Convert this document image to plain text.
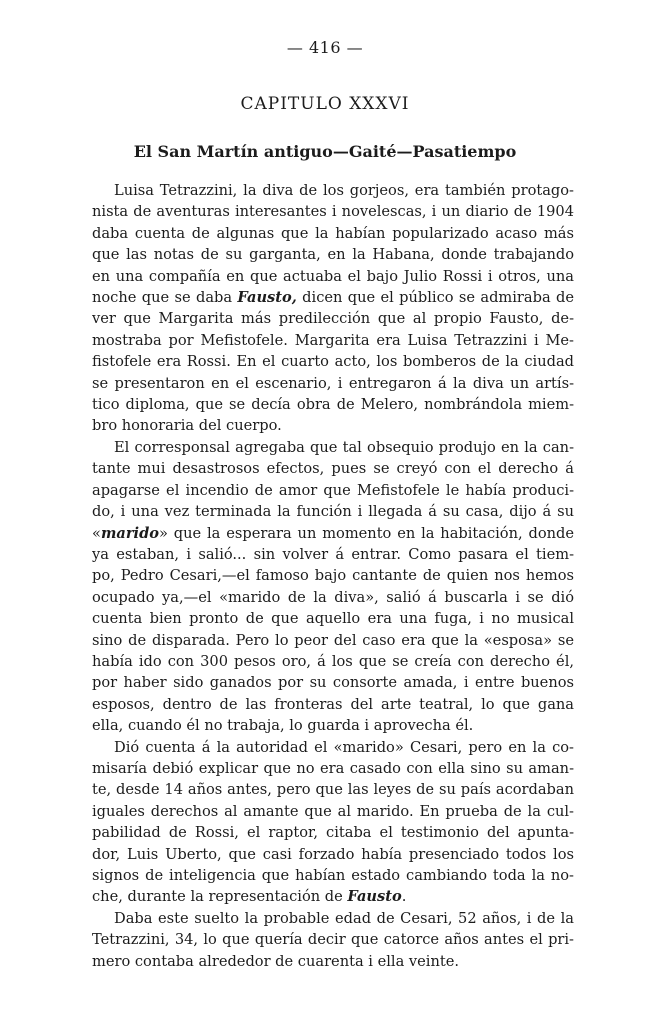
— 416 —
CAPITULO XXXVI
El San Martín antiguo—Gaité—Pasatiempo
Luisa Tetrazzini, la diva de los gorjeos, era también protago-
nista de aventuras interesantes i novelescas, i un diario de 1904
daba cuenta de algunas que la habían popularizado acaso más
que las notas de su garganta, en la Habana, donde trabajando
en una compañía en que actuaba el bajo Julio Rossi i otros, una
noche que se daba Fausto, dicen que el público se admiraba de
ver que Margarita más predilección que al propio Fausto, de-
mostraba por Mefistofele. Margarita era Luisa Tetrazzini i Me-
fistofele era Rossi. En el cuarto acto, los bomberos de la ciudad
se presentaron en el escenario, i entregaron á la diva un artís-
tico diploma, que se decía obra de Melero, nombrándola miem-
bro honoraria del cuerpo.
El corresponsal agregaba que tal obsequio produjo en la can-
tante mui desastrosos efectos, pues se creyó con el derecho á
apagarse el incendio de amor que Mefistofele le había produci-
do, i una vez terminada la función i llegada á su casa, dijo á su
«marido» que la esperara un momento en la habitación, donde
ya estaban, i salió... sin volver á entrar. Como pasara el tiem-
po, Pedro Cesari,—el famoso bajo cantante de quien nos hemos
ocupado ya,—el «marido de la diva», salió á buscarla i se dió
cuenta bien pronto de que aquello era una fuga, i no musical
sino de disparada. Pero lo peor del caso era que la «esposa» se
había ido con 300 pesos oro, á los que se creía con derecho él,
por haber sido ganados por su consorte amada, i entre buenos
esposos, dentro de las fronteras del arte teatral, lo que gana
ella, cuando él no trabaja, lo guarda i aprovecha él.
Dió cuenta á la autoridad el «marido» Cesari, pero en la co-
misaría debió explicar que no era casado con ella sino su aman-
te, desde 14 años antes, pero que las leyes de su país acordaban
iguales derechos al amante que al marido. En prueba de la cul-
pabilidad de Rossi, el raptor, citaba el testimonio del apunta-
dor, Luis Uberto, que casi forzado había presenciado todos los
signos de inteligencia que habían estado cambiando toda la no-
che, durante la representación de Fausto.
Daba este suelto la probable edad de Cesari, 52 años, i de la
Tetrazzini, 34, lo que quería decir que catorce años antes el pri-
mero contaba alrededor de cuarenta i ella veinte.
